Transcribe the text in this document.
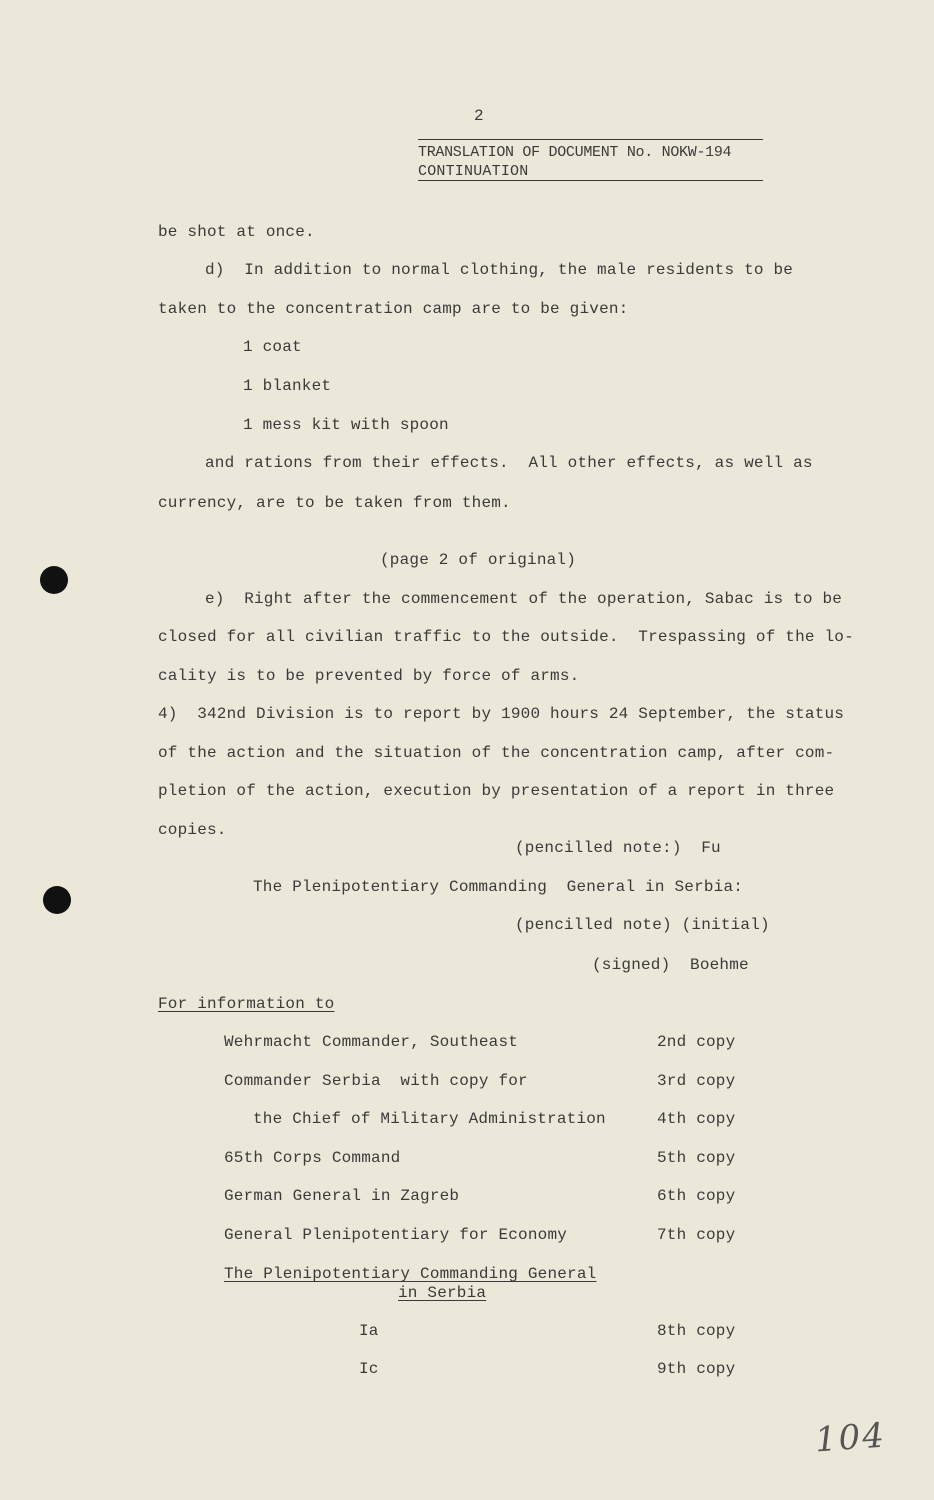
2
TRANSLATION OF DOCUMENT No. NOKW-194
CONTINUATION
be shot at once.
d)  In addition to normal clothing, the male residents to be
taken to the concentration camp are to be given:
1 coat
1 blanket
1 mess kit with spoon
and rations from their effects.  All other effects, as well as
currency, are to be taken from them.
(page 2 of original)
e)  Right after the commencement of the operation, Sabac is to be
closed for all civilian traffic to the outside.  Trespassing of the lo-
cality is to be prevented by force of arms.
4)  342nd Division is to report by 1900 hours 24 September, the status
of the action and the situation of the concentration camp, after com-
pletion of the action, execution by presentation of a report in three
copies.
(pencilled note:)  Fu
The Plenipotentiary Commanding  General in Serbia:
(pencilled note) (initial)
(signed)  Boehme
For information to
Wehrmacht Commander, Southeast	2nd copy
Commander Serbia  with copy for	3rd copy
the Chief of Military Administration	4th copy
65th Corps Command	5th copy
German General in Zagreb	6th copy
General Plenipotentiary for Economy	7th copy
The Plenipotentiary Commanding General
in Serbia
Ia	8th copy
Ic	9th copy
104
